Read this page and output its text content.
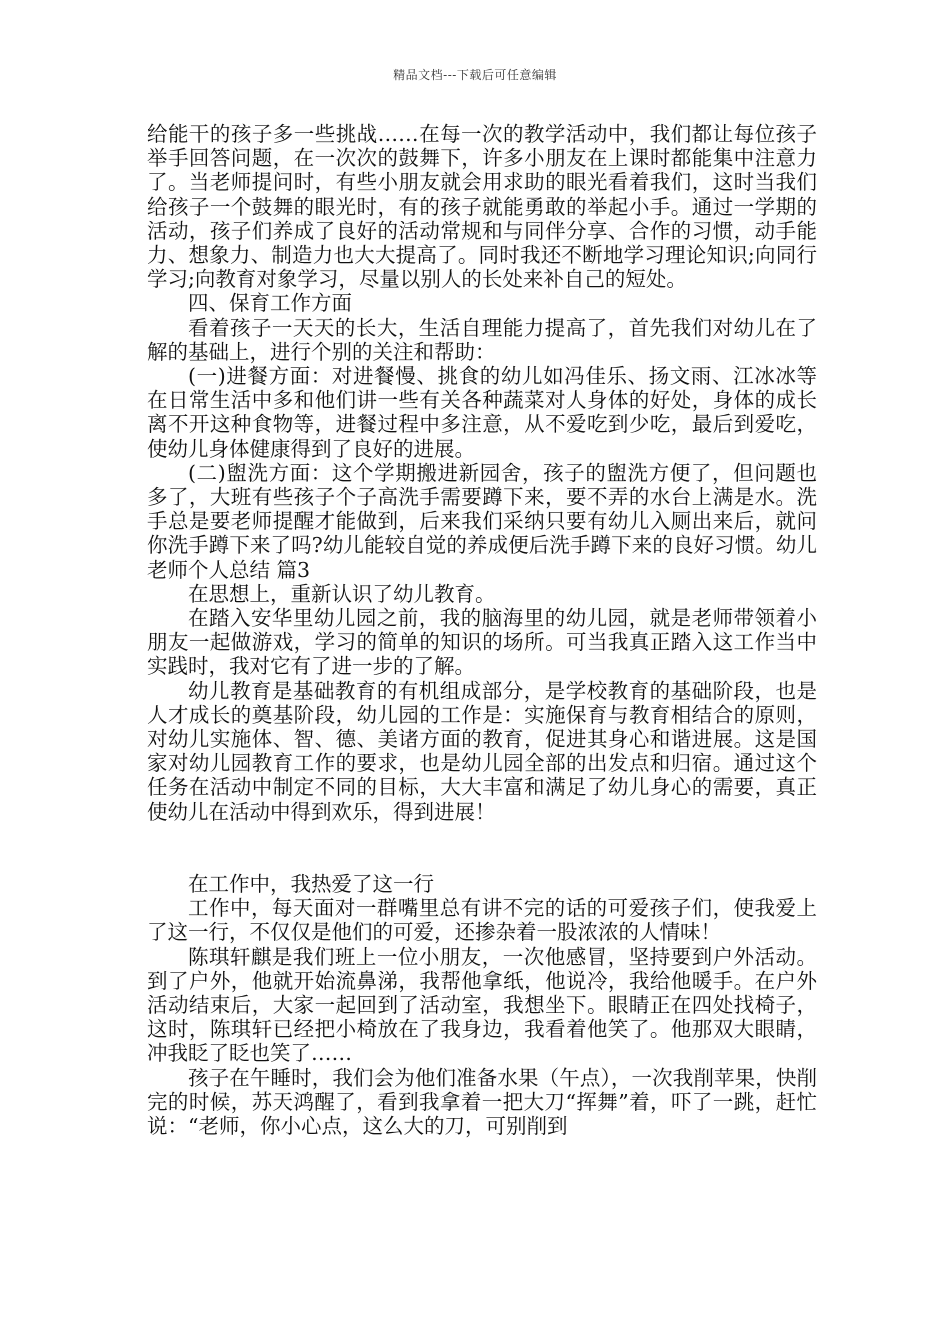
精品文档---下载后可任意编辑

给能干的孩子多一些挑战……在每一次的教学活动中，我们都让每位孩子举手回答问题，在一次次的鼓舞下，许多小朋友在上课时都能集中注意力了。当老师提问时，有些小朋友就会用求助的眼光看着我们，这时当我们给孩子一个鼓舞的眼光时，有的孩子就能勇敢的举起小手。通过一学期的活动，孩子们养成了良好的活动常规和与同伴分享、合作的习惯，动手能力、想象力、制造力也大大提高了。同时我还不断地学习理论知识;向同行学习;向教育对象学习，尽量以别人的长处来补自己的短处。

四、保育工作方面

看着孩子一天天的长大，生活自理能力提高了，首先我们对幼儿在了解的基础上，进行个别的关注和帮助：

(一)进餐方面：对进餐慢、挑食的幼儿如冯佳乐、扬文雨、江冰冰等在日常生活中多和他们讲一些有关各种蔬菜对人身体的好处，身体的成长离不开这种食物等，进餐过程中多注意，从不爱吃到少吃，最后到爱吃，使幼儿身体健康得到了良好的进展。

(二)盥洗方面：这个学期搬进新园舍，孩子的盥洗方便了，但问题也多了，大班有些孩子个子高洗手需要蹲下来，要不弄的水台上满是水。洗手总是要老师提醒才能做到，后来我们采纳只要有幼儿入厕出来后，就问你洗手蹲下来了吗?幼儿能较自觉的养成便后洗手蹲下来的良好习惯。幼儿老师个人总结 篇3

在思想上，重新认识了幼儿教育。

在踏入安华里幼儿园之前，我的脑海里的幼儿园，就是老师带领着小朋友一起做游戏，学习的简单的知识的场所。可当我真正踏入这工作当中实践时，我对它有了进一步的了解。

幼儿教育是基础教育的有机组成部分，是学校教育的基础阶段，也是人才成长的奠基阶段，幼儿园的工作是：实施保育与教育相结合的原则，对幼儿实施体、智、德、美诸方面的教育，促进其身心和谐进展。这是国家对幼儿园教育工作的要求，也是幼儿园全部的出发点和归宿。通过这个任务在活动中制定不同的目标，大大丰富和满足了幼儿身心的需要，真正使幼儿在活动中得到欢乐，得到进展！

在工作中，我热爱了这一行

工作中，每天面对一群嘴里总有讲不完的话的可爱孩子们，使我爱上了这一行，不仅仅是他们的可爱，还掺杂着一股浓浓的人情味！

陈琪轩麒是我们班上一位小朋友，一次他感冒，坚持要到户外活动。到了户外，他就开始流鼻涕，我帮他拿纸，他说冷，我给他暖手。在户外活动结束后，大家一起回到了活动室，我想坐下。眼睛正在四处找椅子，这时，陈琪轩已经把小椅放在了我身边，我看着他笑了。他那双大眼睛，冲我眨了眨也笑了……

孩子在午睡时，我们会为他们准备水果（午点），一次我削苹果，快削完的时候，苏天鸿醒了，看到我拿着一把大刀“挥舞”着，吓了一跳，赶忙说：“老师，你小心点，这么大的刀，可别削到
